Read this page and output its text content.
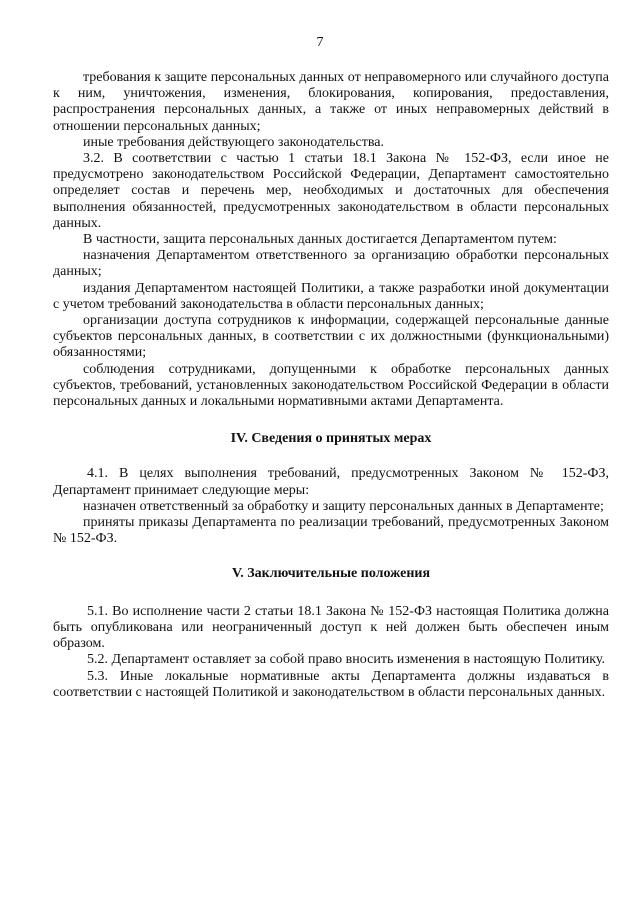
7

требования к защите персональных данных от неправомерного или случайного доступа к ним, уничтожения, изменения, блокирования, копирования, предоставления, распространения персональных данных, а также от иных неправомерных действий в отношении персональных данных;

иные требования действующего законодательства.

3.2. В соответствии с частью 1 статьи 18.1 Закона № 152-ФЗ, если иное не предусмотрено законодательством Российской Федерации, Департамент самостоятельно определяет состав и перечень мер, необходимых и достаточных для обеспечения выполнения обязанностей, предусмотренных законодательством в области персональных данных.

В частности, защита персональных данных достигается Департаментом путем:

назначения Департаментом ответственного за организацию обработки персональных данных;

издания Департаментом настоящей Политики, а также разработки иной документации с учетом требований законодательства в области персональных данных;

организации доступа сотрудников к информации, содержащей персональные данные субъектов персональных данных, в соответствии с их должностными (функциональными) обязанностями;

соблюдения сотрудниками, допущенными к обработке персональных данных субъектов, требований, установленных законодательством Российской Федерации в области персональных данных и локальными нормативными актами Департамента.

IV. Сведения о принятых мерах

4.1. В целях выполнения требований, предусмотренных Законом № 152-ФЗ, Департамент принимает следующие меры:

назначен ответственный за обработку и защиту персональных данных в Департаменте;

приняты приказы Департамента по реализации требований, предусмотренных Законом № 152-ФЗ.

V. Заключительные положения

5.1. Во исполнение части 2 статьи 18.1 Закона № 152-ФЗ настоящая Политика должна быть опубликована или неограниченный доступ к ней должен быть обеспечен иным образом.

5.2. Департамент оставляет за собой право вносить изменения в настоящую Политику.

5.3. Иные локальные нормативные акты Департамента должны издаваться в соответствии с настоящей Политикой и законодательством в области персональных данных.
